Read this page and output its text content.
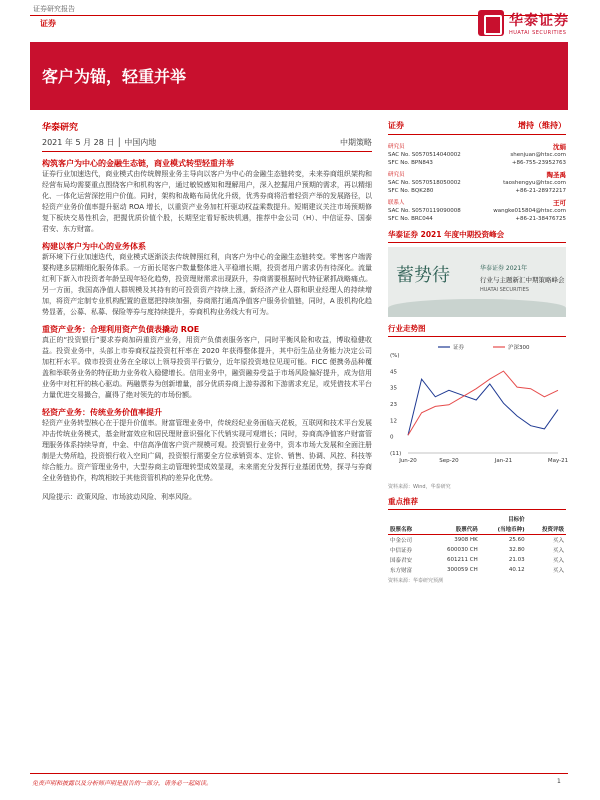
证券研究报告
证券	华泰证券
HUATAI SECURITIES
客户为锚，轻重并举
华泰研究
2021 年 5 月 28 日 │ 中国内地	中期策略
构筑客户为中心的金融生态链，商业模式转型轻重并举
证券行业加速迭代，商业模式由传统牌照业务主导向以客户为中心的金融生态链转变，未来券商组织架构和经营布局均需要重点围绕客户和机构客户，通过敏锐感知和理解用户，深入挖掘用户预期的需求，再以精细化、一体化运营深挖用户价值。同时，架构和战略布局优化升级，优秀券商将沿着轻资产举的发展路径，以轻资产业务价值率提升驱动 ROA 增长，以重资产业务加杠杆驱动权益乘数提升。短期建议关注市场预期修复下板块交易性机会，把握优质价值个股，长期坚定看好板块机遇，推荐中金公司（H）、中信证券、国泰君安、东方财富。
构建以客户为中心的业务体系
新环境下行业加速迭代，商业模式逐渐淡去传统牌照红利，向客户为中心的金融生态链转变。零售客户端需要构建多层精细化服务体系。一方面长尾客户数量整体进入平稳增长期，投资者用户需求仍有待深化。流量红利下新入市投资者年龄呈现年轻化趋势，投资理财需求出现跃升，券商需要根据时代特征紧抓战略痛点。另一方面，我国高净值人群规模及其持有的可投资资产持续上涨，新经济产业人群和职业经理人的持续增加，将资产定制专业机构配置的意愿把持续加强，券商需打通高净值客户服务价值链，同时，A 股机构化趋势显著，公募、私募、保险等券与度持续提升，券商机构业务线大有可为。
重资产业务：合理利用资产负债表撬动 ROE
真正的“投资银行”要求券商加码重资产业务，用资产负债表服务客户，同时平衡风险和收益，博取稳健收益。投资业务中，头部上市券商权益投资杠杆率在 2020 年获得整体提升，其中衍生品业务能力决定公司加杠杆水平。做市投资业务在全球以上领导投资平行做分，近年原投资地位见现可能。FICC 便携务品种覆盖和举联务业务的特征助力业务收入稳健增长。信用业务中，融资融券受益于市场风险偏好提升，成为信用业务中对杠杆的核心驱动。两融票券为创新增量，部分优质券商上游券源和下游需求充足，或凭借技术平台力量优进交易撮合，赢得了绝对领先的市场份额。
轻资产业务：传统业务价值率提升
轻资产业务转型核心在于提升价值率。财富管理业务中，传统经纪业务面临天花板，互联网和技术平台发展冲击传统业务模式，基金财富效应和居民理财意识强化下代销实现可观增长；同时，券商高净值客户财富管理服务体系持续导育，中金、中信高净值客户资产规模可观。投资银行业务中，资本市场大发展和全面注册制是大势所趋，投资银行收入空间广阔，投资银行需要全方位承销资本、定价、销售、协调、风控、科技等综合能力。资产管理业务中，大型券商主动管理转型成效显现，未来需充分发挥行业基团优势，探寻与券商全业务链协作，构筑相较于其他资管机构的差异化优势。
风险提示：政策风险、市场波动风险、利率风险。
证券	增持（维持）
研究员	沈娟
SAC No. S0570514040002	shenjuan@htsc.com
SFC No. BPN843	+86-755-23952763
研究员	陶圣禹
SAC No. S0570518050002	taoshengyu@htsc.com
SFC No. BQK280	+86-21-28972217
联系人	王可
SAC No. S0570119090008	wangke015804@htsc.com
SFC No. BRC044	+86-21-38476725
华泰证券 2021 年度中期投资峰会
蓄势待	华泰证券 2021年
行业与主题新汇中期策略峰会
HUATAI SECURITIES
行业走势图
证券	沪深300
(%)
45
35
23
12
0
(11)
Jun-20	Sep-20	Jan-21	May-21
资料来源：Wind，华泰研究
重点推荐
		目标价	
股票名称	股票代码	(当地币种)	投资评级
中金公司	3908 HK	25.60	买入
中信证券	600030 CH	32.80	买入
国泰君安	601211 CH	21.03	买入
东方财富	300059 CH	40.12	买入
资料来源：华泰研究预测
免责声明和披露以及分析师声明是报告的一部分，请务必一起阅读。	1
